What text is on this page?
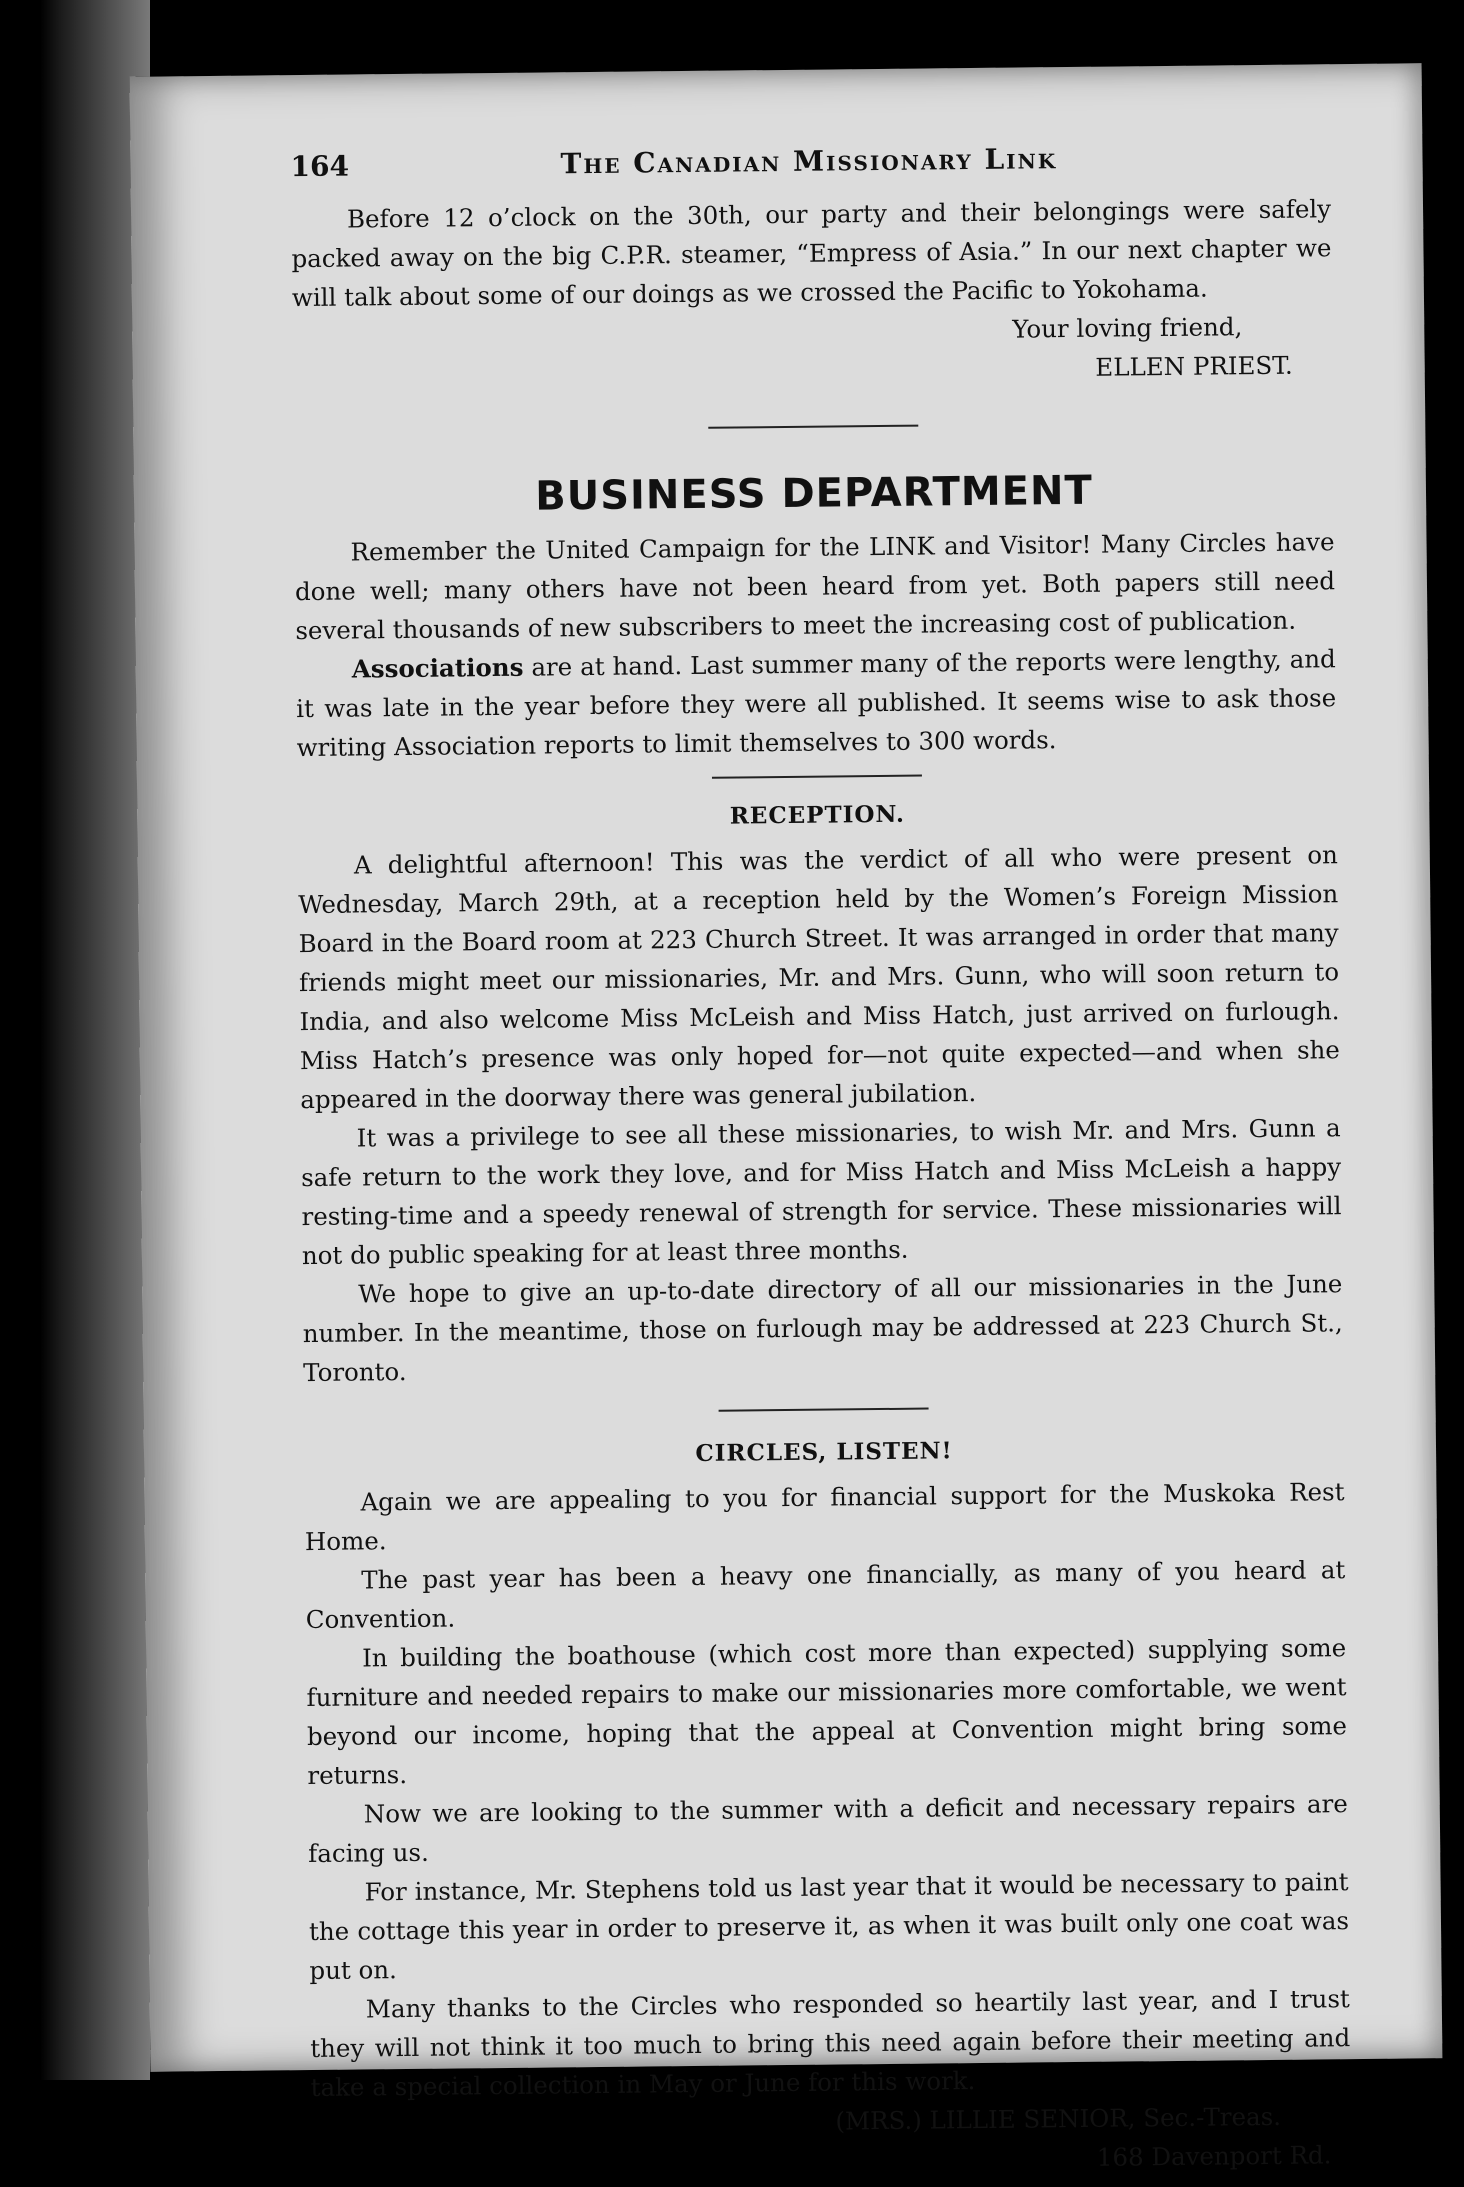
164	The Canadian Missionary Link

Before 12 o’clock on the 30th, our party and their belongings were safely packed away on the big C.P.R. steamer, “Empress of Asia.” In our next chapter we will talk about some of our doings as we crossed the Pacific to Yokohama.

Your loving friend,
ELLEN PRIEST.
BUSINESS DEPARTMENT

Remember the United Campaign for the LINK and Visitor! Many Circles have done well; many others have not been heard from yet. Both papers still need several thousands of new subscribers to meet the increasing cost of publication.

Associations are at hand. Last summer many of the reports were lengthy, and it was late in the year before they were all published. It seems wise to ask those writing Association reports to limit themselves to 300 words.

RECEPTION.

A delightful afternoon! This was the verdict of all who were present on Wednesday, March 29th, at a reception held by the Women’s Foreign Mission Board in the Board room at 223 Church Street. It was arranged in order that many friends might meet our missionaries, Mr. and Mrs. Gunn, who will soon return to India, and also welcome Miss McLeish and Miss Hatch, just arrived on furlough. Miss Hatch’s presence was only hoped for—not quite expected—and when she appeared in the doorway there was general jubilation.

It was a privilege to see all these missionaries, to wish Mr. and Mrs. Gunn a safe return to the work they love, and for Miss Hatch and Miss McLeish a happy resting-time and a speedy renewal of strength for service. These missionaries will not do public speaking for at least three months.

We hope to give an up-to-date directory of all our missionaries in the June number. In the meantime, those on furlough may be addressed at 223 Church St., Toronto.

CIRCLES, LISTEN!

Again we are appealing to you for financial support for the Muskoka Rest Home.

The past year has been a heavy one financially, as many of you heard at Convention.

In building the boathouse (which cost more than expected) supplying some furniture and needed repairs to make our missionaries more comfortable, we went beyond our income, hoping that the appeal at Convention might bring some returns.

Now we are looking to the summer with a deficit and necessary repairs are facing us.

For instance, Mr. Stephens told us last year that it would be necessary to paint the cottage this year in order to preserve it, as when it was built only one coat was put on.

Many thanks to the Circles who responded so heartily last year, and I trust they will not think it too much to bring this need again before their meeting and take a special collection in May or June for this work.

(MRS.) LILLIE SENIOR, Sec.-Treas.
168 Davenport Rd.
